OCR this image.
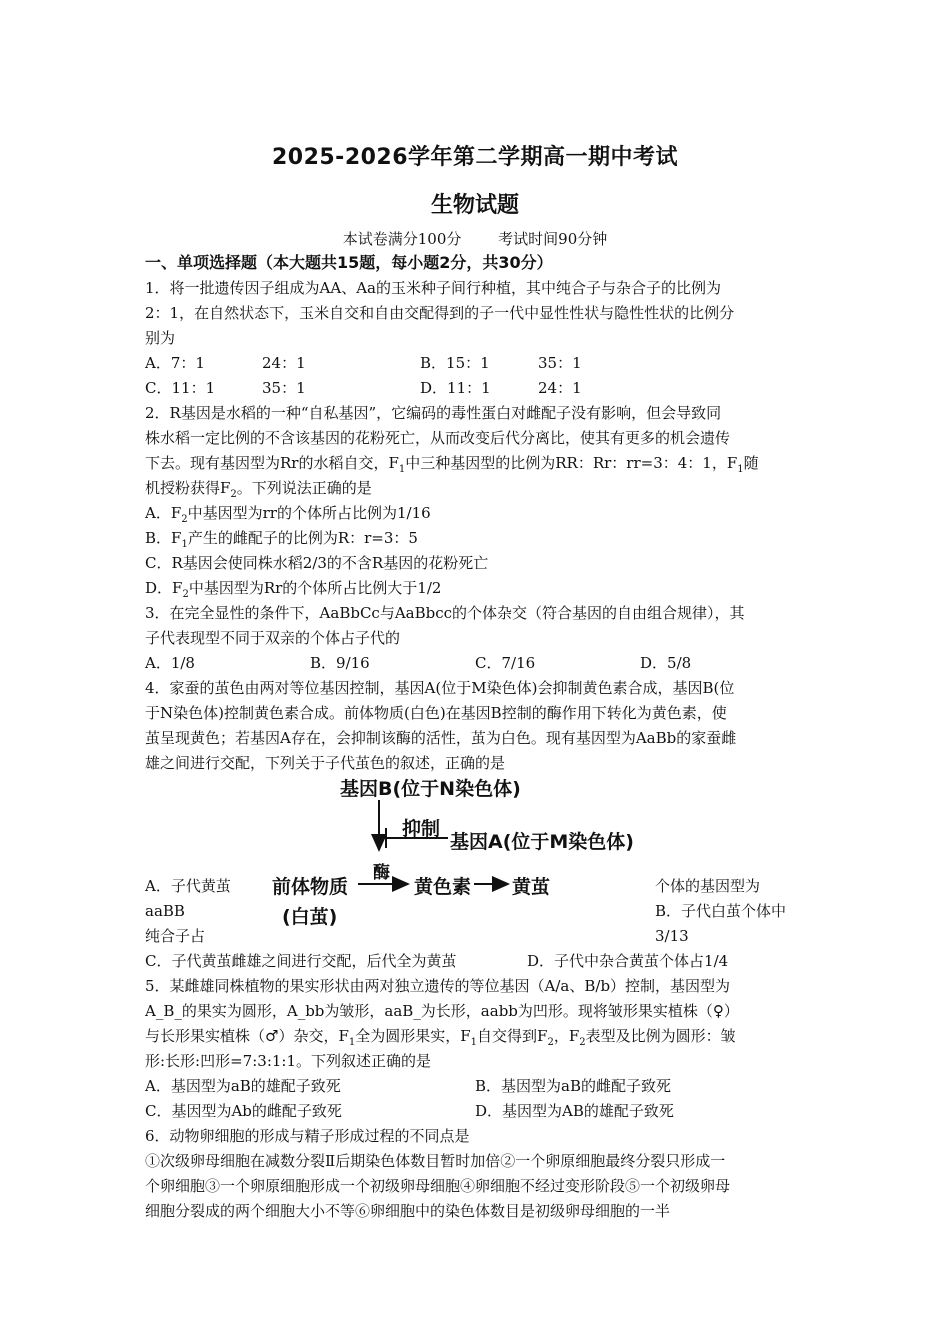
2025-2026学年第二学期高一期中考试
生物试题
本试卷满分100分 考试时间90分钟
一、单项选择题（本大题共15题，每小题2分，共30分）
1．将一批遗传因子组成为AA、Aa的玉米种子间行种植，其中纯合子与杂合子的比例为
2：1，在自然状态下，玉米自交和自由交配得到的子一代中显性性状与隐性性状的比例分
别为
A．7：1	24：1	B．15：1	35：1
C．11：1	35：1	D．11：1	24：1
2．R基因是水稻的一种“自私基因”，它编码的毒性蛋白对雌配子没有影响，但会导致同
株水稻一定比例的不含该基因的花粉死亡，从而改变后代分离比，使其有更多的机会遗传
下去。现有基因型为Rr的水稻自交，$F_1$中三种基因型的比例为RR：Rr：rr=3：4：1，$F_1$随
机授粉获得$F_2$。下列说法正确的是
A．$F_2$中基因型为rr的个体所占比例为1/16
B．$F_1$产生的雌配子的比例为R：r=3：5
C．R基因会使同株水稻2/3的不含R基因的花粉死亡
D．$F_2$中基因型为Rr的个体所占比例大于1/2
3．在完全显性的条件下，AaBbCc与AaBbcc的个体杂交（符合基因的自由组合规律），其
子代表现型不同于双亲的个体占子代的
A．1/8	B．9/16	C．7/16	D．5/8
4．家蚕的茧色由两对等位基因控制，基因A(位于M染色体)会抑制黄色素合成，基因B(位
于N染色体)控制黄色素合成。前体物质(白色)在基因B控制的酶作用下转化为黄色素，使
茧呈现黄色；若基因A存在，会抑制该酶的活性，茧为白色。现有基因型为AaBb的家蚕雌
雄之间进行交配，下列关于子代茧色的叙述，正确的是
基因B(位于N染色体)
抑制
基因A(位于M染色体)
酶
前体物质
(白茧)
黄色素 黄茧
A．子代黄茧	个体的基因型为
aaBB	B．子代白茧个体中
纯合子占	3/13
C．子代黄茧雌雄之间进行交配，后代全为黄茧	D．子代中杂合黄茧个体占1/4
5．某雌雄同株植物的果实形状由两对独立遗传的等位基因（A/a、B/b）控制，基因型为
A_B_的果实为圆形，A_bb为皱形，aaB_为长形，aabb为凹形。现将皱形果实植株（♀）
与长形果实植株（♂）杂交，$F_1$全为圆形果实，$F_1$自交得到$F_2$，$F_2$表型及比例为圆形：皱
形:长形:凹形=7:3:1:1。下列叙述正确的是
A．基因型为aB的雄配子致死	B．基因型为aB的雌配子致死
C．基因型为Ab的雌配子致死	D．基因型为AB的雄配子致死
6．动物卵细胞的形成与精子形成过程的不同点是
①次级卵母细胞在减数分裂Ⅱ后期染色体数目暂时加倍②一个卵原细胞最终分裂只形成一
个卵细胞③一个卵原细胞形成一个初级卵母细胞④卵细胞不经过变形阶段⑤一个初级卵母
细胞分裂成的两个细胞大小不等⑥卵细胞中的染色体数目是初级卵母细胞的一半
